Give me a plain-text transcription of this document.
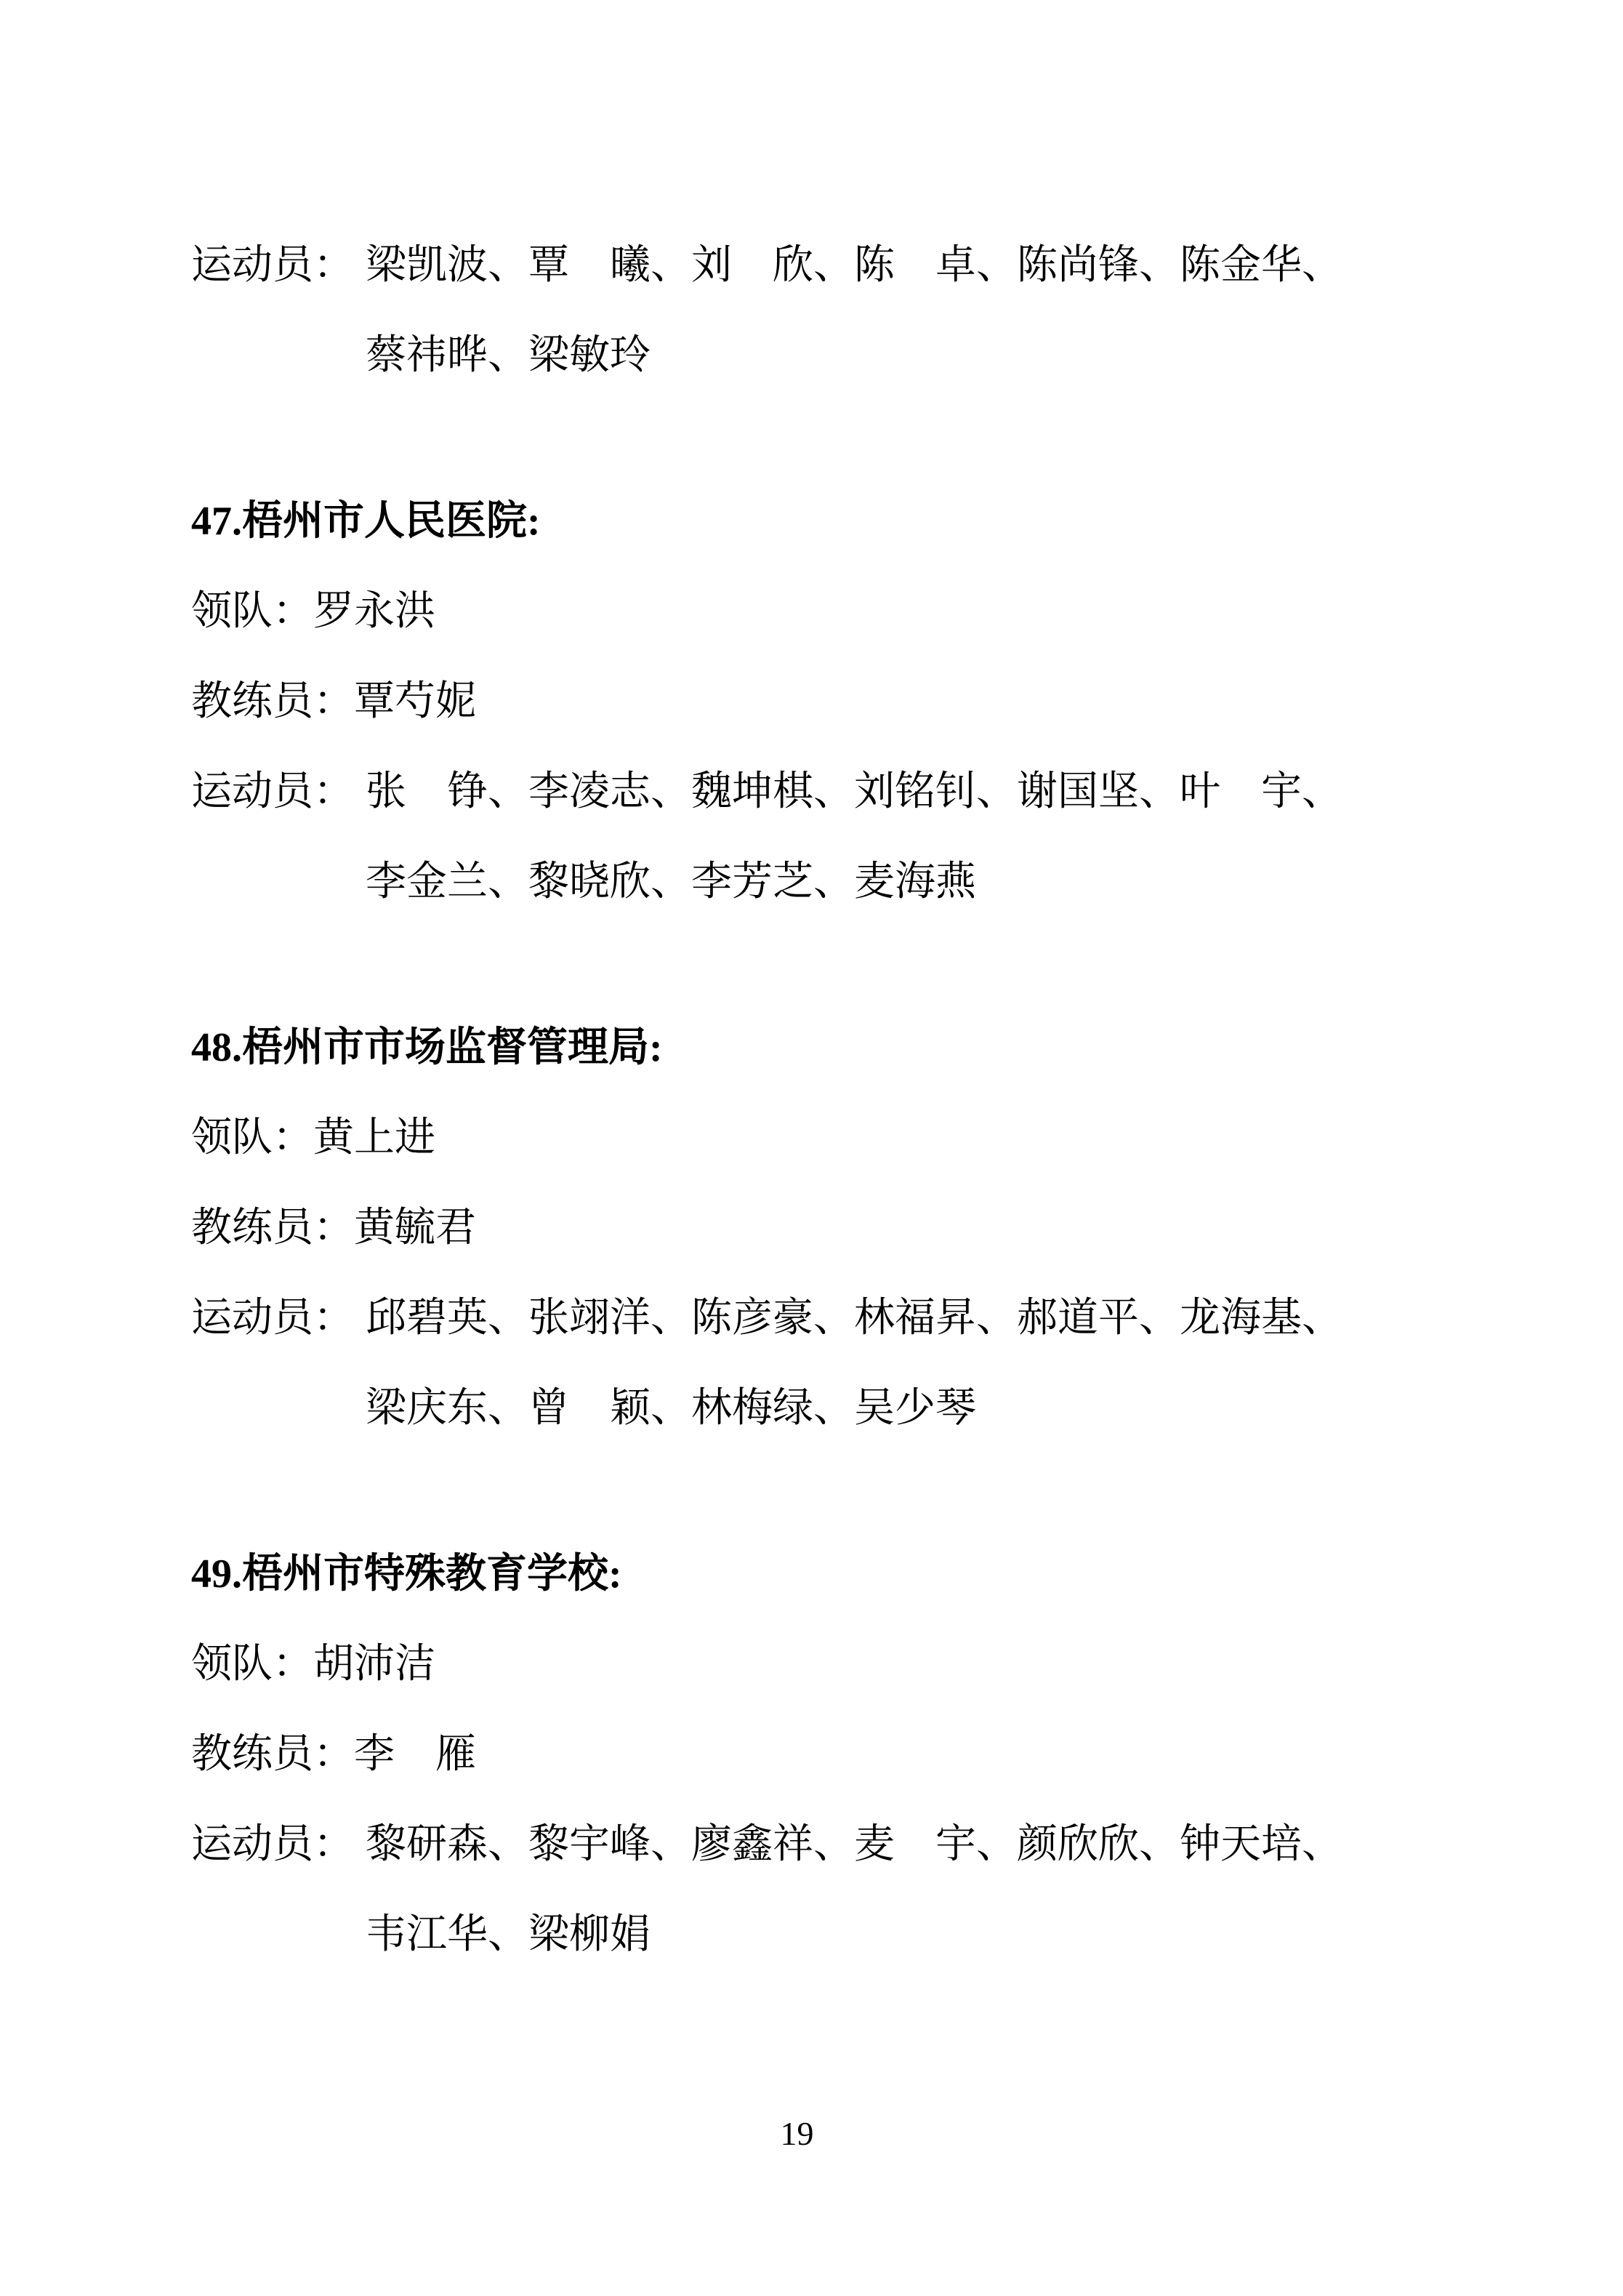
运动员： 梁凯波、覃　曦、刘　欣、陈　卓、陈尚锋、陈金华、
蔡祎晔、梁敏玲
47.梧州市人民医院:
领队：罗永洪
教练员：覃芍妮
运动员： 张　铮、李凌志、魏坤棋、刘铭钊、谢国坚、叶　宇、
李金兰、黎晓欣、李芳芝、麦海燕
48.梧州市市场监督管理局:
领队：黄上进
教练员：黄毓君
运动员： 邱碧英、张翊洋、陈彦豪、林福昇、郝道平、龙海基、
梁庆东、曾　颖、林梅绿、吴少琴
49.梧州市特殊教育学校:
领队：胡沛洁
教练员：李　雁
运动员： 黎研森、黎宇峰、廖鑫祥、麦　宇、颜欣欣、钟天培、
韦江华、梁柳娟
19
